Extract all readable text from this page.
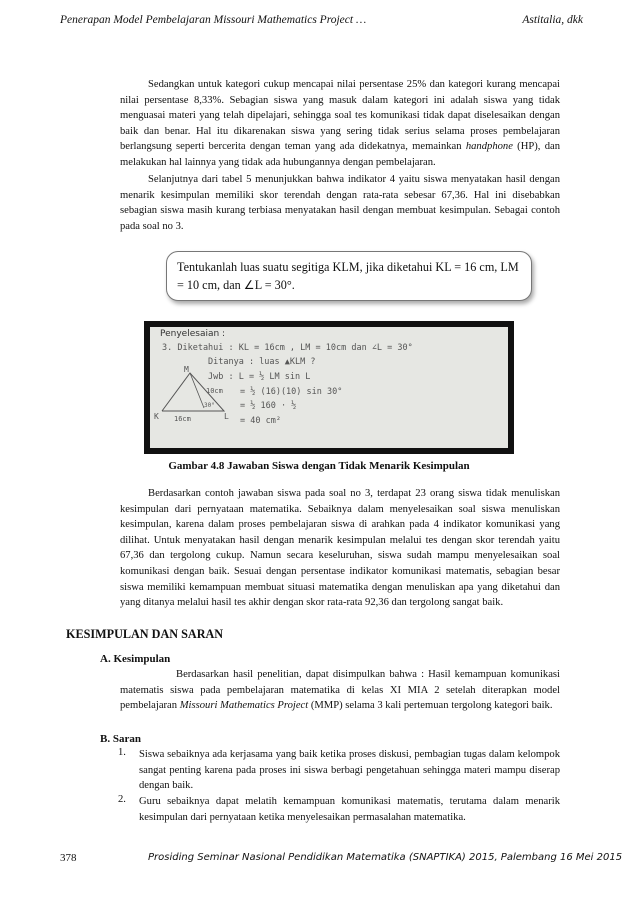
Penerapan Model Pembelajaran Missouri Mathematics Project …	Astitalia, dkk

Sedangkan untuk kategori cukup mencapai nilai persentase 25% dan kategori kurang mencapai nilai persentase 8,33%. Sebagian siswa yang masuk dalam kategori ini adalah siswa yang tidak menguasai materi yang telah dipelajari, sehingga soal tes komunikasi tidak dapat diselesaikan dengan baik dan benar. Hal itu dikarenakan siswa yang sering tidak serius selama proses pembelajaran berlangsung seperti bercerita dengan teman yang ada didekatnya, memainkan handphone (HP), dan melakukan hal lainnya yang tidak ada hubungannya dengan pembelajaran.

Selanjutnya dari tabel 5 menunjukkan bahwa indikator 4 yaitu siswa menyatakan hasil dengan menarik kesimpulan memiliki skor terendah dengan rata-rata sebesar 67,36. Hal ini disebabkan sebagian siswa masih kurang terbiasa menyatakan hasil dengan membuat kesimpulan. Sebagai contoh pada soal no 3.

Tentukanlah luas suatu segitiga KLM, jika diketahui KL = 16 cm, LM = 10 cm, dan ∠L = 30°.
Penyelesaian :
3. Diketahui : KL = 16cm , LM = 10cm dan ∠L = 30°
Ditanya : luas ▲KLM ?
Jwb : L = ½ LM sin L
= ½ (16)(10) sin 30°
= ½ 160 · ½
= 40 cm²
M
K	L
10cm
16cm
30°
Gambar 4.8 Jawaban Siswa dengan Tidak Menarik Kesimpulan

Berdasarkan contoh jawaban siswa pada soal no 3, terdapat 23 orang siswa tidak menuliskan kesimpulan dari pernyataan matematika. Sebaiknya dalam menyelesaikan soal siswa menuliskan kesimpulan, karena dalam proses pembelajaran siswa di arahkan pada 4 indikator komunikasi yang dilihat. Untuk menyatakan hasil dengan menarik kesimpulan melalui tes dengan skor terendah yaitu 67,36 dan tergolong cukup. Namun secara keseluruhan, siswa sudah mampu menyelesaikan soal komunikasi dengan baik. Sesuai dengan persentase indikator komunikasi matematis, sebagian besar siswa memiliki kemampuan membuat situasi matematika dengan menuliskan apa yang diketahui dan yang ditanya melalui hasil tes akhir dengan skor rata-rata 92,36 dan tergolong sangat baik.

KESIMPULAN DAN SARAN
A. Kesimpulan

Berdasarkan hasil penelitian, dapat disimpulkan bahwa : Hasil kemampuan komunikasi matematis siswa pada pembelajaran matematika di kelas XI MIA 2 setelah diterapkan model pembelajaran Missouri Mathematics Project (MMP) selama 3 kali pertemuan tergolong kategori baik.

B. Saran
1. Siswa sebaiknya ada kerjasama yang baik ketika proses diskusi, pembagian tugas dalam kelompok sangat penting karena pada proses ini siswa berbagi pengetahuan sehingga materi mampu diserap dengan baik.

2. Guru sebaiknya dapat melatih kemampuan komunikasi matematis, terutama dalam menarik kesimpulan dari pernyataan ketika menyelesaikan permasalahan matematika.

378	Prosiding Seminar Nasional Pendidikan Matematika (SNAPTIKA) 2015, Palembang 16 Mei 2015
